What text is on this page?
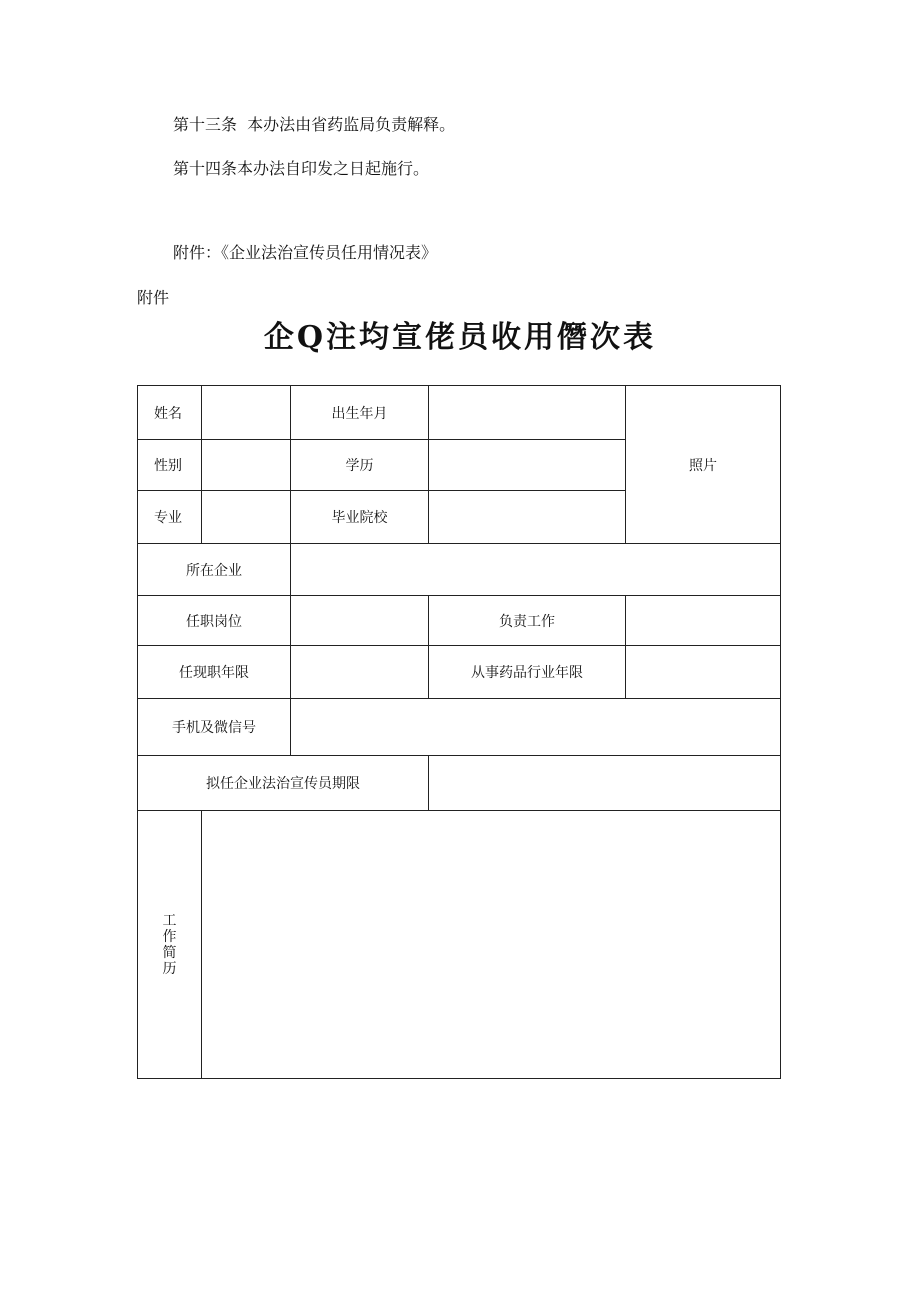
第十三条  本办法由省药监局负责解释。

第十四条本办法自印发之日起施行。

附件：《企业法治宣传员任用情况表》

附件

企Q注均宣佬员收用僭次表
姓名		出生年月		照片
性别		学历		
专业		毕业院校		
所在企业				
任职岗位			负责工作	
任现职年限			从事药品行业年限	
手机及微信号				
拟任企业法治宣传员期限				
工作简历				
